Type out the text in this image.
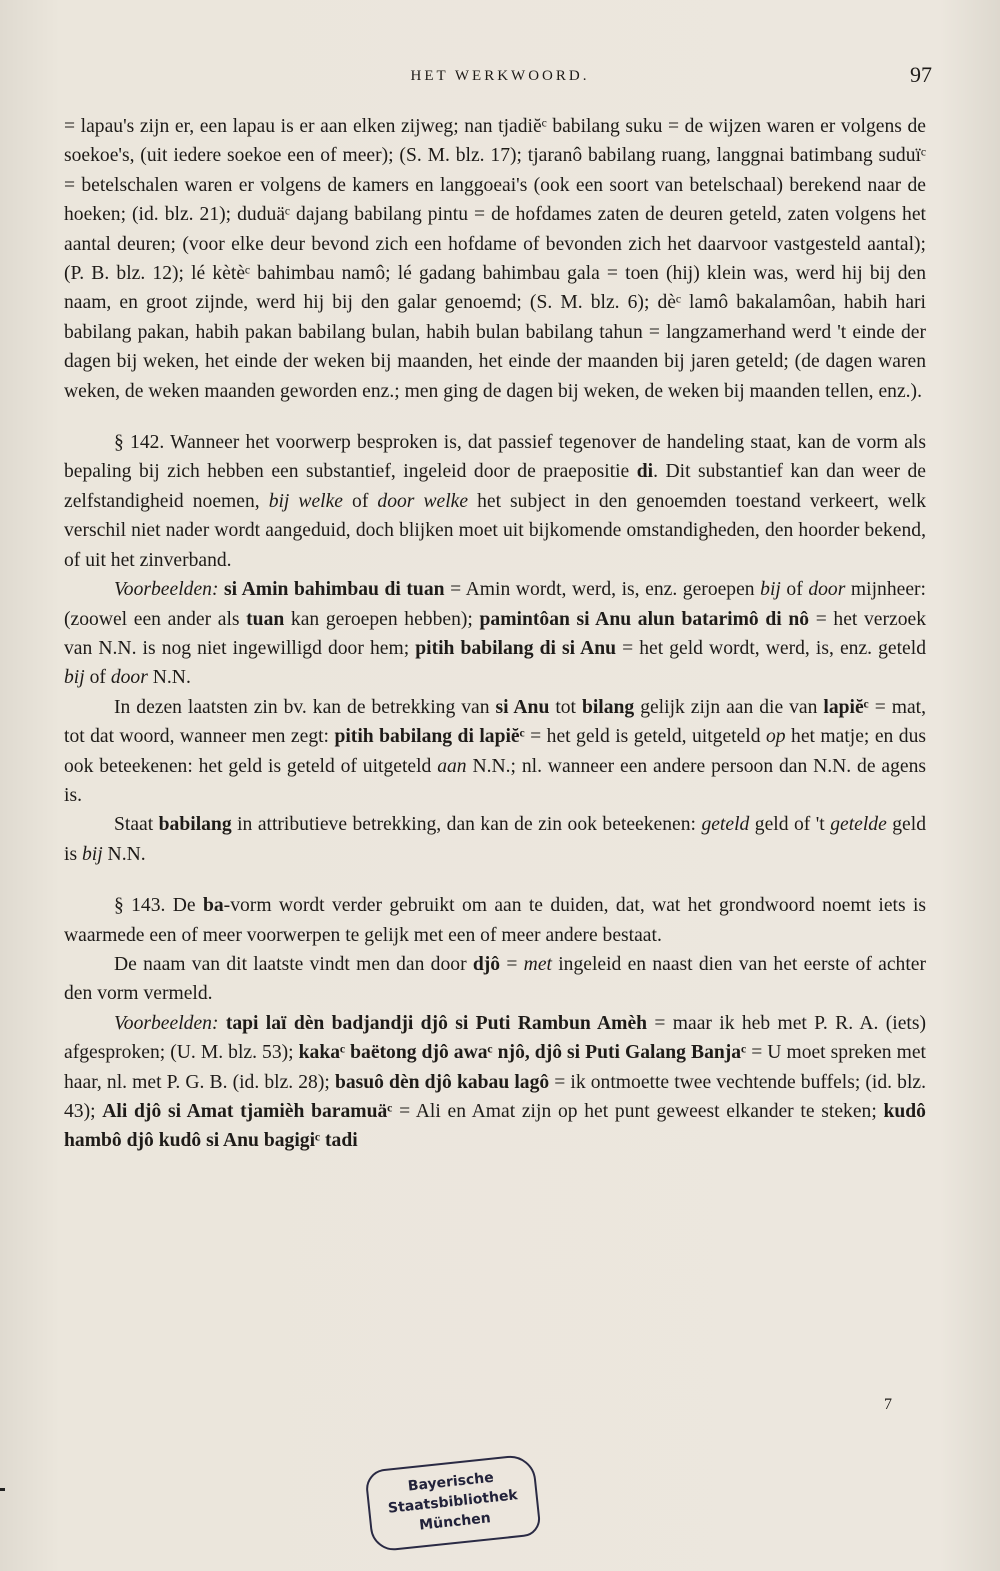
HET WERKWOORD.	97

= lapau's zijn er, een lapau is er aan elken zijweg; nan tjadiĕᶜ babilang suku = de wijzen waren er volgens de soekoe's, (uit iedere soekoe een of meer); (S. M. blz. 17); tjaranô babilang ruang, langgnai batimbang suduïᶜ = betelschalen waren er volgens de kamers en langgoeai's (ook een soort van betelschaal) berekend naar de hoeken; (id. blz. 21); duduäᶜ dajang babilang pintu = de hofdames zaten de deuren geteld, zaten volgens het aantal deuren; (voor elke deur bevond zich een hofdame of bevonden zich het daarvoor vastgesteld aantal); (P. B. blz. 12); lé kètèᶜ bahimbau namô; lé gadang bahimbau gala = toen (hij) klein was, werd hij bij den naam, en groot zijnde, werd hij bij den galar genoemd; (S. M. blz. 6); dèᶜ lamô bakalamôan, habih hari babilang pakan, habih pakan babilang bulan, habih bulan babilang tahun = langzamerhand werd 't einde der dagen bij weken, het einde der weken bij maanden, het einde der maanden bij jaren geteld; (de dagen waren weken, de weken maanden geworden enz.; men ging de dagen bij weken, de weken bij maanden tellen, enz.).

§ 142. Wanneer het voorwerp besproken is, dat passief tegenover de handeling staat, kan de vorm als bepaling bij zich hebben een substantief, ingeleid door de praepositie di. Dit substantief kan dan weer de zelfstandigheid noemen, bij welke of door welke het subject in den genoemden toestand verkeert, welk verschil niet nader wordt aangeduid, doch blijken moet uit bijkomende omstandigheden, den hoorder bekend, of uit het zinverband.

Voorbeelden: si Amin bahimbau di tuan = Amin wordt, werd, is, enz. geroepen bij of door mijnheer: (zoowel een ander als tuan kan geroepen hebben); pamintôan si Anu alun batarimô di nô = het verzoek van N.N. is nog niet ingewilligd door hem; pitih babilang di si Anu = het geld wordt, werd, is, enz. geteld bij of door N.N.

In dezen laatsten zin bv. kan de betrekking van si Anu tot bilang gelijk zijn aan die van lapiĕᶜ = mat, tot dat woord, wanneer men zegt: pitih babilang di lapiĕᶜ = het geld is geteld, uitgeteld op het matje; en dus ook beteekenen: het geld is geteld of uitgeteld aan N.N.; nl. wanneer een andere persoon dan N.N. de agens is.

Staat babilang in attributieve betrekking, dan kan de zin ook beteekenen: geteld geld of 't getelde geld is bij N.N.

§ 143. De ba-vorm wordt verder gebruikt om aan te duiden, dat, wat het grondwoord noemt iets is waarmede een of meer voorwerpen te gelijk met een of meer andere bestaat.

De naam van dit laatste vindt men dan door djô = met ingeleid en naast dien van het eerste of achter den vorm vermeld.

Voorbeelden: tapi laï dèn badjandji djô si Puti Rambun Amèh = maar ik heb met P. R. A. (iets) afgesproken; (U. M. blz. 53); kakaᶜ baëtong djô awaᶜ njô, djô si Puti Galang Banjaᶜ = U moet spreken met haar, nl. met P. G. B. (id. blz. 28); basuô dèn djô kabau lagô = ik ontmoette twee vechtende buffels; (id. blz. 43); Ali djô si Amat tjamièh baramuäᶜ = Ali en Amat zijn op het punt geweest elkander te steken; kudô hambô djô kudô si Anu bagigiᶜ tadi

7
Bayerische
Staatsbibliothek
München
